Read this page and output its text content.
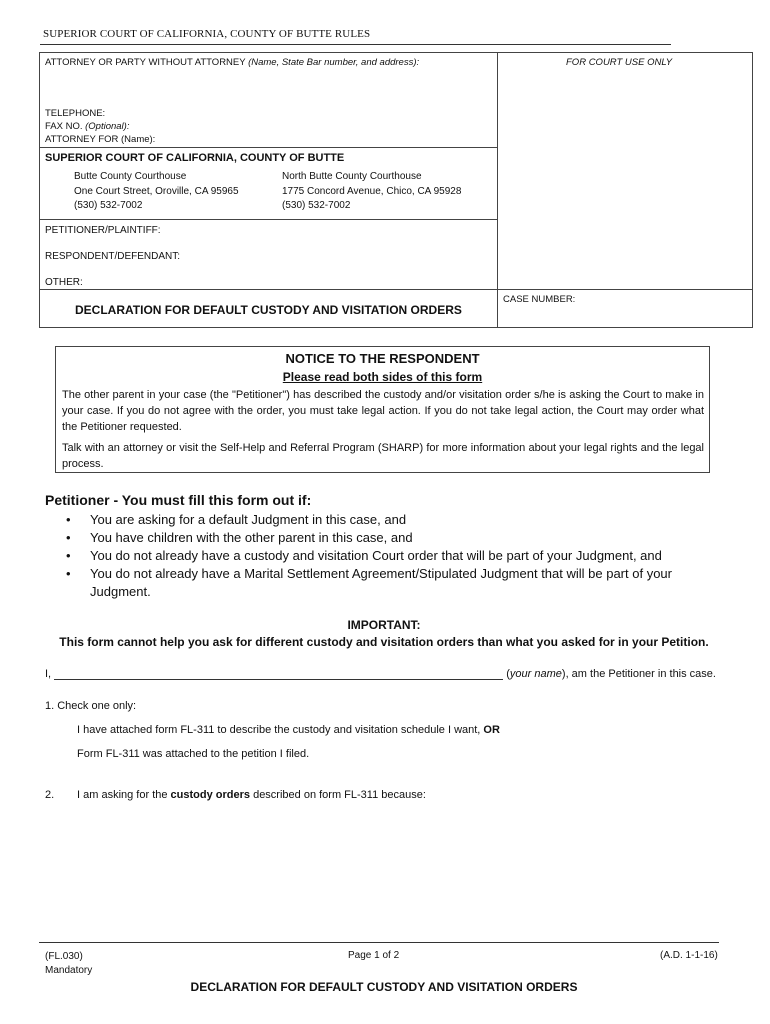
SUPERIOR COURT OF CALIFORNIA, COUNTY OF BUTTE RULES
ATTORNEY OR PARTY WITHOUT ATTORNEY (Name, State Bar number, and address):	FOR COURT USE ONLY
TELEPHONE:
FAX NO. (Optional):
ATTORNEY FOR (Name):
SUPERIOR COURT OF CALIFORNIA, COUNTY OF BUTTE
Butte County Courthouse
One Court Street, Oroville, CA 95965
(530) 532-7002
North Butte County Courthouse
1775 Concord Avenue, Chico, CA 95928
(530) 532-7002
PETITIONER/PLAINTIFF:
RESPONDENT/DEFENDANT:
OTHER:
DECLARATION FOR DEFAULT CUSTODY AND VISITATION ORDERS
CASE NUMBER:
NOTICE TO THE RESPONDENT
Please read both sides of this form
The other parent in your case (the "Petitioner") has described the custody and/or visitation order s/he is asking the Court to make in your case. If you do not agree with the order, you must take legal action. If you do not take legal action, the Court may order what the Petitioner requested.
Talk with an attorney or visit the Self-Help and Referral Program (SHARP) for more information about your legal rights and the legal process.
Petitioner - You must fill this form out if:
• You are asking for a default Judgment in this case, and
• You have children with the other parent in this case, and
• You do not already have a custody and visitation Court order that will be part of your Judgment, and
• You do not already have a Marital Settlement Agreement/Stipulated Judgment that will be part of your Judgment.
IMPORTANT:
This form cannot help you ask for different custody and visitation orders than what you asked for in your Petition.
I,	(your name), am the Petitioner in this case.
1. Check one only:
I have attached form FL-311 to describe the custody and visitation schedule I want, OR
Form FL-311 was attached to the petition I filed.
2. I am asking for the custody orders described on form FL-311 because:
(FL.030)
Mandatory
Page 1 of 2	(A.D. 1-1-16)
DECLARATION FOR DEFAULT CUSTODY AND VISITATION ORDERS
